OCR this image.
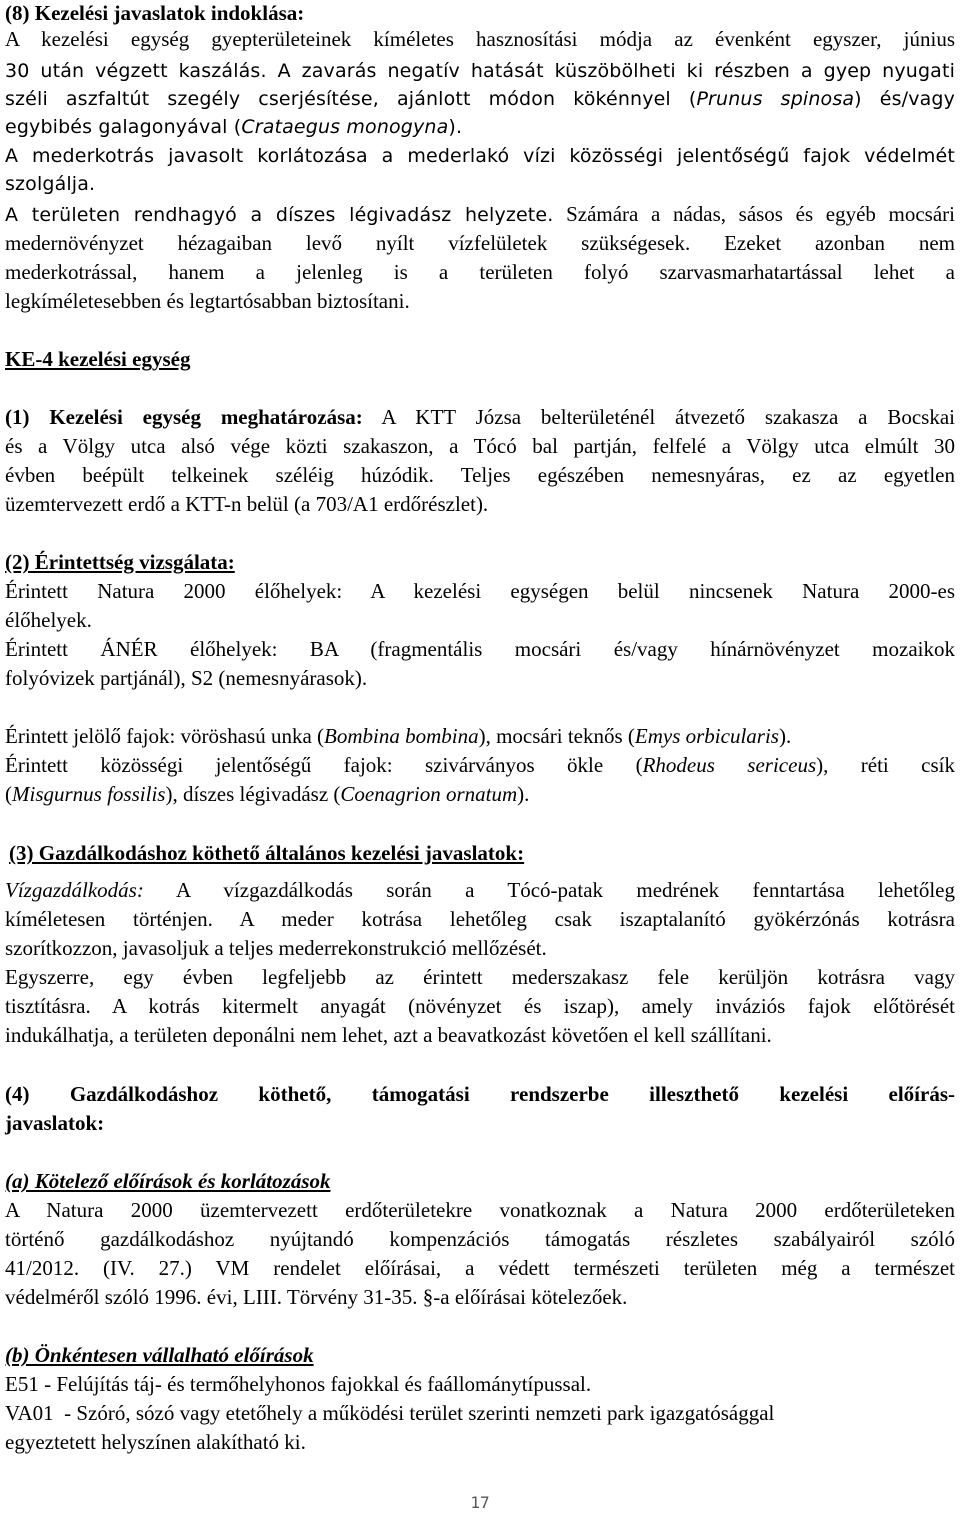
(8) Kezelési javaslatok indoklása:
A kezelési egység gyepterületeinek kíméletes hasznosítási módja az évenként egyszer, június
30 után végzett kaszálás. A zavarás negatív hatását küszöbölheti ki részben a gyep nyugati
széli aszfaltút szegély cserjésítése, ajánlott módon kökénnyel (Prunus spinosa) és/vagy
egybibés galagonyával (Crataegus monogyna).
A mederkotrás javasolt korlátozása a mederlakó vízi közösségi jelentőségű fajok védelmét
szolgálja.
A területen rendhagyó a díszes légivadász helyzete. Számára a nádas, sásos és egyéb mocsári
medernövényzet hézagaiban levő nyílt vízfelületek szükségesek. Ezeket azonban nem
mederkotrással, hanem a jelenleg is a területen folyó szarvasmarhatartással lehet a
legkíméletesebben és legtartósabban biztosítani.
KE-4 kezelési egység
(1) Kezelési egység meghatározása: A KTT Józsa belterületénél átvezető szakasza a Bocskai
és a Völgy utca alsó vége közti szakaszon, a Tócó bal partján, felfelé a Völgy utca elmúlt 30
évben beépült telkeinek széléig húzódik. Teljes egészében nemesnyáras, ez az egyetlen
üzemtervezett erdő a KTT-n belül (a 703/A1 erdőrészlet).
(2) Érintettség vizsgálata:
Érintett Natura 2000 élőhelyek: A kezelési egységen belül nincsenek Natura 2000-es
élőhelyek.
Érintett ÁNÉR élőhelyek: BA (fragmentális mocsári és/vagy hínárnövényzet mozaikok
folyóvizek partjánál), S2 (nemesnyárasok).
Érintett jelölő fajok: vöröshasú unka (Bombina bombina), mocsári teknős (Emys orbicularis).
Érintett közösségi jelentőségű fajok: szivárványos ökle (Rhodeus sericeus), réti csík
(Misgurnus fossilis), díszes légivadász (Coenagrion ornatum).
(3) Gazdálkodáshoz köthető általános kezelési javaslatok:
Vízgazdálkodás: A vízgazdálkodás során a Tócó-patak medrének fenntartása lehetőleg
kíméletesen történjen. A meder kotrása lehetőleg csak iszaptalanító gyökérzónás kotrásra
szorítkozzon, javasoljuk a teljes mederrekonstrukció mellőzését.
Egyszerre, egy évben legfeljebb az érintett mederszakasz fele kerüljön kotrásra vagy
tisztításra. A kotrás kitermelt anyagát (növényzet és iszap), amely inváziós fajok előtörését
indukálhatja, a területen deponálni nem lehet, azt a beavatkozást követően el kell szállítani.
(4) Gazdálkodáshoz köthető, támogatási rendszerbe illeszthető kezelési előírás-
javaslatok:
(a) Kötelező előírások és korlátozások
A Natura 2000 üzemtervezett erdőterületekre vonatkoznak a Natura 2000 erdőterületeken
történő gazdálkodáshoz nyújtandó kompenzációs támogatás részletes szabályairól szóló
41/2012. (IV. 27.) VM rendelet előírásai, a védett természeti területen még a természet
védelméről szóló 1996. évi, LIII. Törvény 31-35. §-a előírásai kötelezőek.
(b) Önkéntesen vállalható előírások
E51 - Felújítás táj- és termőhelyhonos fajokkal és faállománytípussal.
VA01  - Szóró, sózó vagy etetőhely a működési terület szerinti nemzeti park igazgatósággal
egyeztetett helyszínen alakítható ki.
17
